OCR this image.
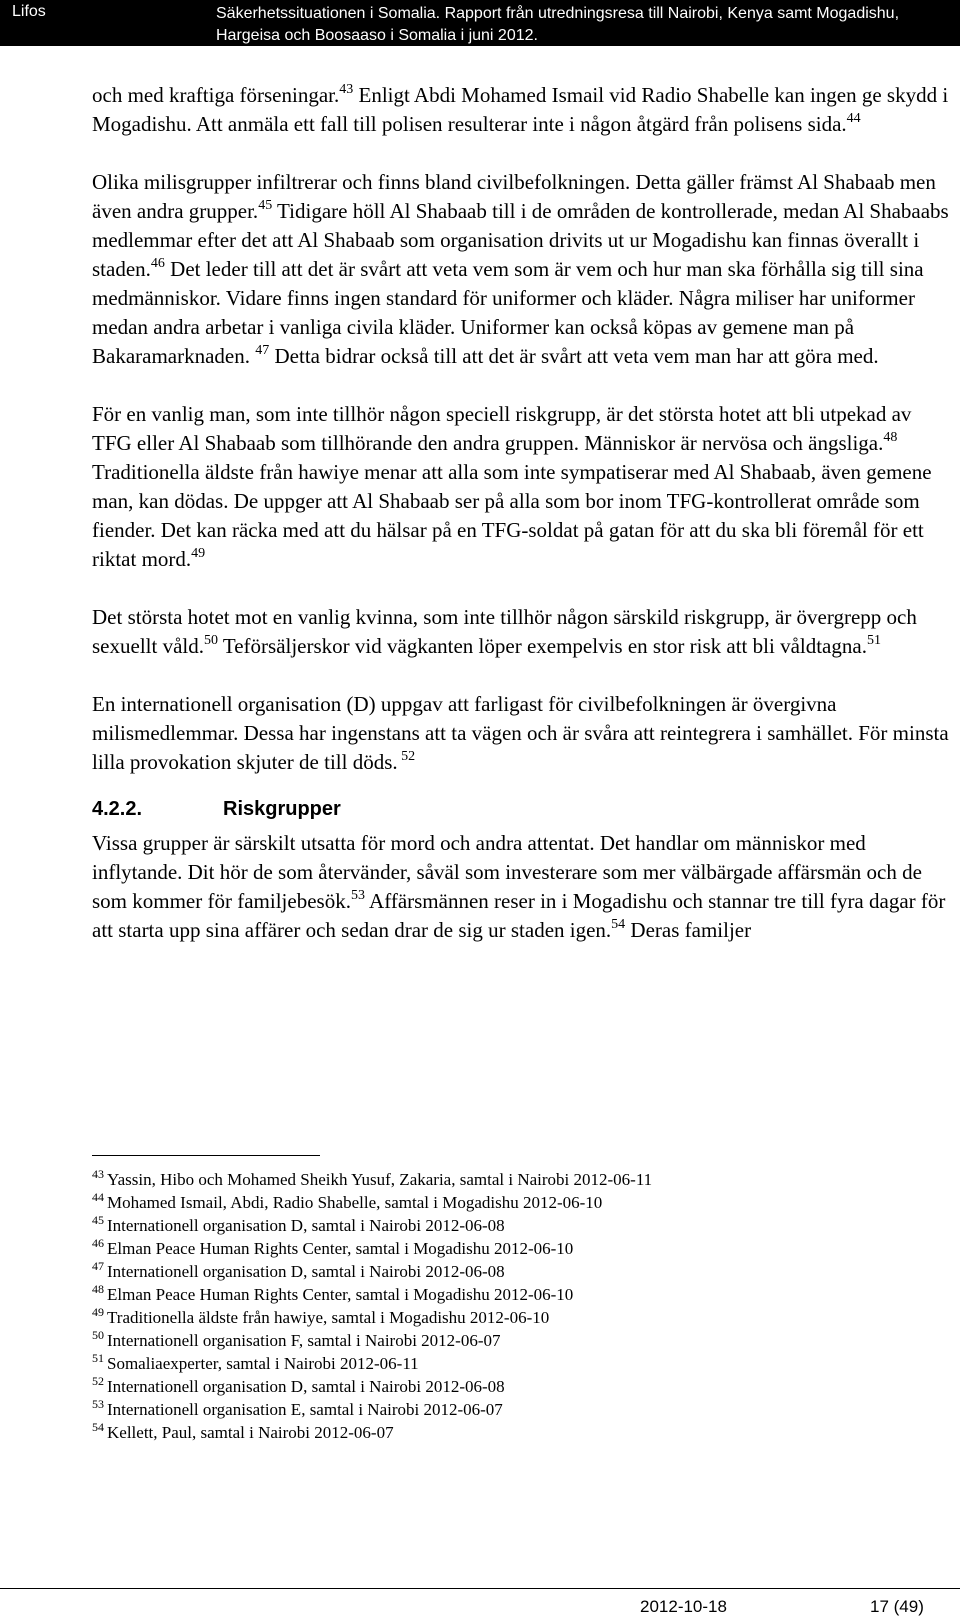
Lifos	Säkerhetssituationen i Somalia. Rapport från utredningsresa till Nairobi, Kenya samt Mogadishu, Hargeisa och Boosaaso i Somalia i juni 2012.

och med kraftiga förseningar.$^{43}$ Enligt Abdi Mohamed Ismail vid Radio Shabelle kan ingen ge skydd i Mogadishu. Att anmäla ett fall till polisen resulterar inte i någon åtgärd från polisens sida.$^{44}$

Olika milisgrupper infiltrerar och finns bland civilbefolkningen. Detta gäller främst Al Shabaab men även andra grupper.$^{45}$ Tidigare höll Al Shabaab till i de områden de kontrollerade, medan Al Shabaabs medlemmar efter det att Al Shabaab som organisation drivits ut ur Mogadishu kan finnas överallt i staden.$^{46}$ Det leder till att det är svårt att veta vem som är vem och hur man ska förhålla sig till sina medmänniskor. Vidare finns ingen standard för uniformer och kläder. Några miliser har uniformer medan andra arbetar i vanliga civila kläder. Uniformer kan också köpas av gemene man på Bakaramarknaden. $^{47}$ Detta bidrar också till att det är svårt att veta vem man har att göra med.

För en vanlig man, som inte tillhör någon speciell riskgrupp, är det största hotet att bli utpekad av TFG eller Al Shabaab som tillhörande den andra gruppen. Människor är nervösa och ängsliga.$^{48}$ Traditionella äldste från hawiye menar att alla som inte sympatiserar med Al Shabaab, även gemene man, kan dödas. De uppger att Al Shabaab ser på alla som bor inom TFG-kontrollerat område som fiender. Det kan räcka med att du hälsar på en TFG-soldat på gatan för att du ska bli föremål för ett riktat mord.$^{49}$

Det största hotet mot en vanlig kvinna, som inte tillhör någon särskild riskgrupp, är övergrepp och sexuellt våld.$^{50}$ Teförsäljerskor vid vägkanten löper exempelvis en stor risk att bli våldtagna.$^{51}$

En internationell organisation (D) uppgav att farligast för civilbefolkningen är övergivna milismedlemmar. Dessa har ingenstans att ta vägen och är svåra att reintegrera i samhället. För minsta lilla provokation skjuter de till döds. $^{52}$

4.2.2.	Riskgrupper

Vissa grupper är särskilt utsatta för mord och andra attentat. Det handlar om människor med inflytande. Dit hör de som återvänder, såväl som investerare som mer välbärgade affärsmän och de som kommer för familjebesök.$^{53}$ Affärsmännen reser in i Mogadishu och stannar tre till fyra dagar för att starta upp sina affärer och sedan drar de sig ur staden igen.$^{54}$ Deras familjer

$^{43}$ Yassin, Hibo och Mohamed Sheikh Yusuf, Zakaria, samtal i Nairobi 2012-06-11
$^{44}$ Mohamed Ismail, Abdi, Radio Shabelle, samtal i Mogadishu 2012-06-10
$^{45}$ Internationell organisation D, samtal i Nairobi 2012-06-08
$^{46}$ Elman Peace Human Rights Center, samtal i Mogadishu 2012-06-10
$^{47}$ Internationell organisation D, samtal i Nairobi 2012-06-08
$^{48}$ Elman Peace Human Rights Center, samtal i Mogadishu 2012-06-10
$^{49}$ Traditionella äldste från hawiye, samtal i Mogadishu 2012-06-10
$^{50}$ Internationell organisation F, samtal i Nairobi 2012-06-07
$^{51}$ Somaliaexperter, samtal i Nairobi 2012-06-11
$^{52}$ Internationell organisation D, samtal i Nairobi 2012-06-08
$^{53}$ Internationell organisation E, samtal i Nairobi 2012-06-07
$^{54}$ Kellett, Paul, samtal i Nairobi 2012-06-07
2012-10-18	17 (49)
